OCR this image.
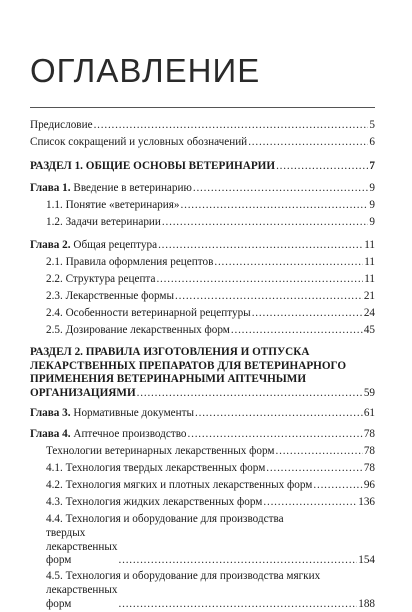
ОГЛАВЛЕНИЕ
Предисловие .....	5
Список сокращений и условных обозначений .....	6
РАЗДЕЛ 1. ОБЩИЕ ОСНОВЫ ВЕТЕРИНАРИИ .....	7
Глава 1. Введение в ветеринарию .....	9
1.1. Понятие «ветеринария» .....	9
1.2. Задачи ветеринарии .....	9
Глава 2. Общая рецептура .....	11
2.1. Правила оформления рецептов .....	11
2.2. Структура рецепта .....	11
2.3. Лекарственные формы .....	21
2.4. Особенности ветеринарной рецептуры .....	24
2.5. Дозирование лекарственных форм .....	45
РАЗДЕЛ 2. ПРАВИЛА ИЗГОТОВЛЕНИЯ И ОТПУСКА
ЛЕКАРСТВЕННЫХ ПРЕПАРАТОВ ДЛЯ ВЕТЕРИНАРНОГО
ПРИМЕНЕНИЯ ВЕТЕРИНАРНЫМИ АПТЕЧНЫМИ
ОРГАНИЗАЦИЯМИ .....	59
Глава 3. Нормативные документы .....	61
Глава 4. Аптечное производство .....	78
Технологии ветеринарных лекарственных форм .....	78
4.1. Технология твердых лекарственных форм .....	78
4.2. Технология мягких и плотных лекарственных форм .....	96
4.3. Технология жидких лекарственных форм .....	136
4.4. Технология и оборудование для производства
твердых лекарственных форм .....	154
4.5. Технология и оборудование для производства мягких
лекарственных форм .....	188
